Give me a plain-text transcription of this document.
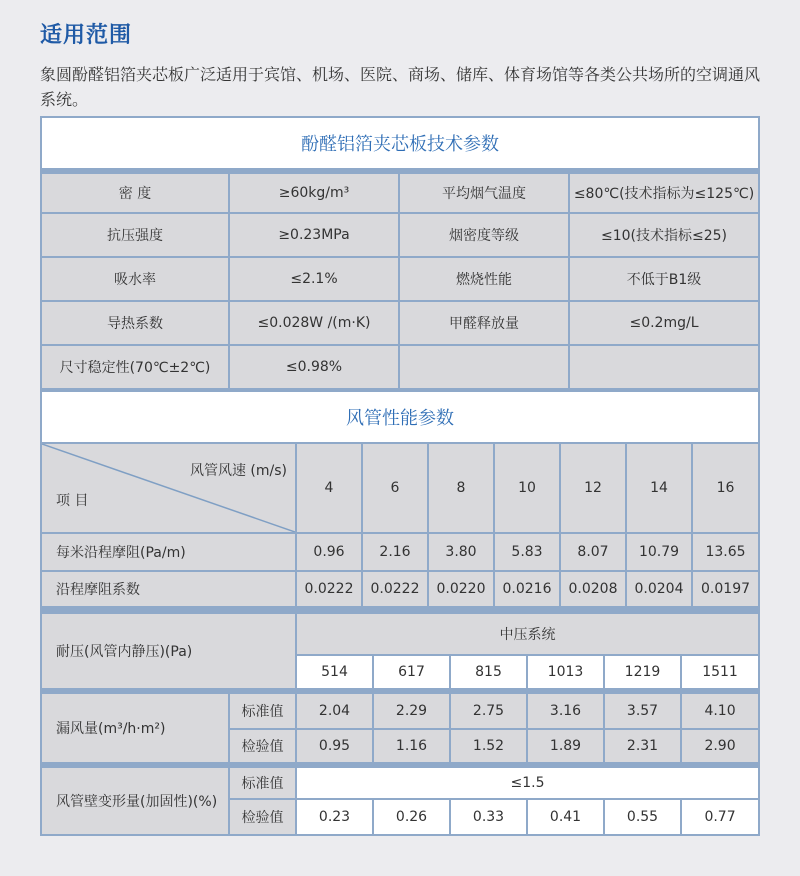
适用范围
象圆酚醛铝箔夹芯板广泛适用于宾馆、机场、医院、商场、储库、体育场馆等各类公共场所的空调通风系统。
酚醛铝箔夹芯板技术参数			
密 度	≥60kg/m³	平均烟气温度	≤80℃(技术指标为≤125℃)
抗压强度	≥0.23MPa	烟密度等级	≤10(技术指标≤25)
吸水率	≤2.1%	燃烧性能	不低于B1级
导热系数	≤0.028W /(m·K)	甲醛释放量	≤0.2mg/L
尺寸稳定性(70℃±2℃)	≤0.98%		
风管性能参数								

风管风速 (m/s)
项 目	4	6	8	10	12	14	16	
每米沿程摩阻(Pa/m)	0.96	2.16	3.80	5.83	8.07	10.79	13.65	
沿程摩阻系数	0.0222	0.0222	0.0220	0.0216	0.0208	0.0204	0.0197	
耐压(风管内静压)(Pa)		中压系统					
		514	617	815	1013	1219	1511
漏风量(m³/h·m²)	标准值	2.04	2.29	2.75	3.16	3.57	4.10
	检验值	0.95	1.16	1.52	1.89	2.31	2.90
风管壁变形量(加固性)(%)	标准值	≤1.5					
	检验值	0.23	0.26	0.33	0.41	0.55	0.77
